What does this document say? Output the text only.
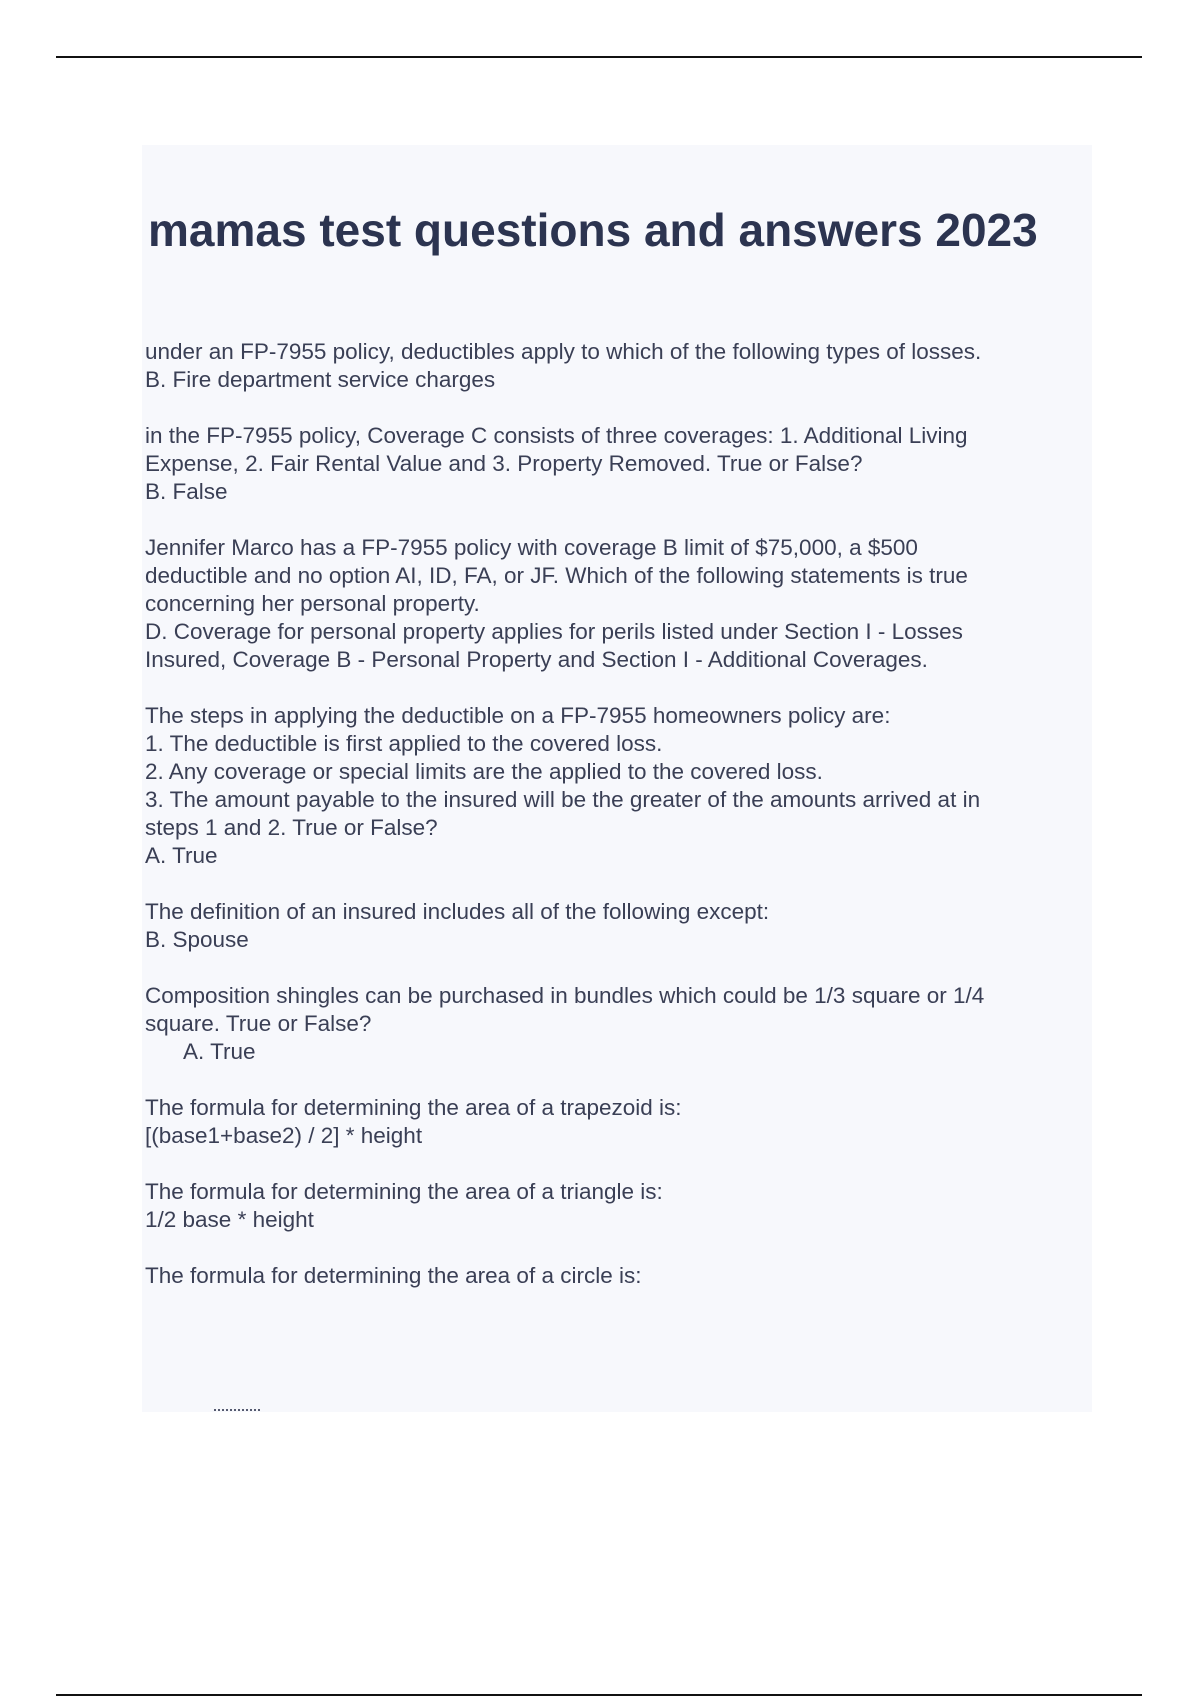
mamas test questions and answers 2023

under an FP-7955 policy, deductibles apply to which of the following types of losses.

B. Fire department service charges

in the FP-7955 policy, Coverage C consists of three coverages: 1. Additional Living
Expense, 2. Fair Rental Value and 3. Property Removed. True or False?

B. False

Jennifer Marco has a FP-7955 policy with coverage B limit of $75,000, a $500
deductible and no option AI, ID, FA, or JF. Which of the following statements is true
concerning her personal property.

D. Coverage for personal property applies for perils listed under Section I - Losses
Insured, Coverage B - Personal Property and Section I - Additional Coverages.

The steps in applying the deductible on a FP-7955 homeowners policy are:
1. The deductible is first applied to the covered loss.
2. Any coverage or special limits are the applied to the covered loss.
3. The amount payable to the insured will be the greater of the amounts arrived at in
steps 1 and 2. True or False?

A. True

The definition of an insured includes all of the following except:

B. Spouse

Composition shingles can be purchased in bundles which could be 1/3 square or 1/4
square. True or False?

A. True

The formula for determining the area of a trapezoid is:

[(base1+base2) / 2] * height

The formula for determining the area of a triangle is:

1/2 base * height

The formula for determining the area of a circle is:
